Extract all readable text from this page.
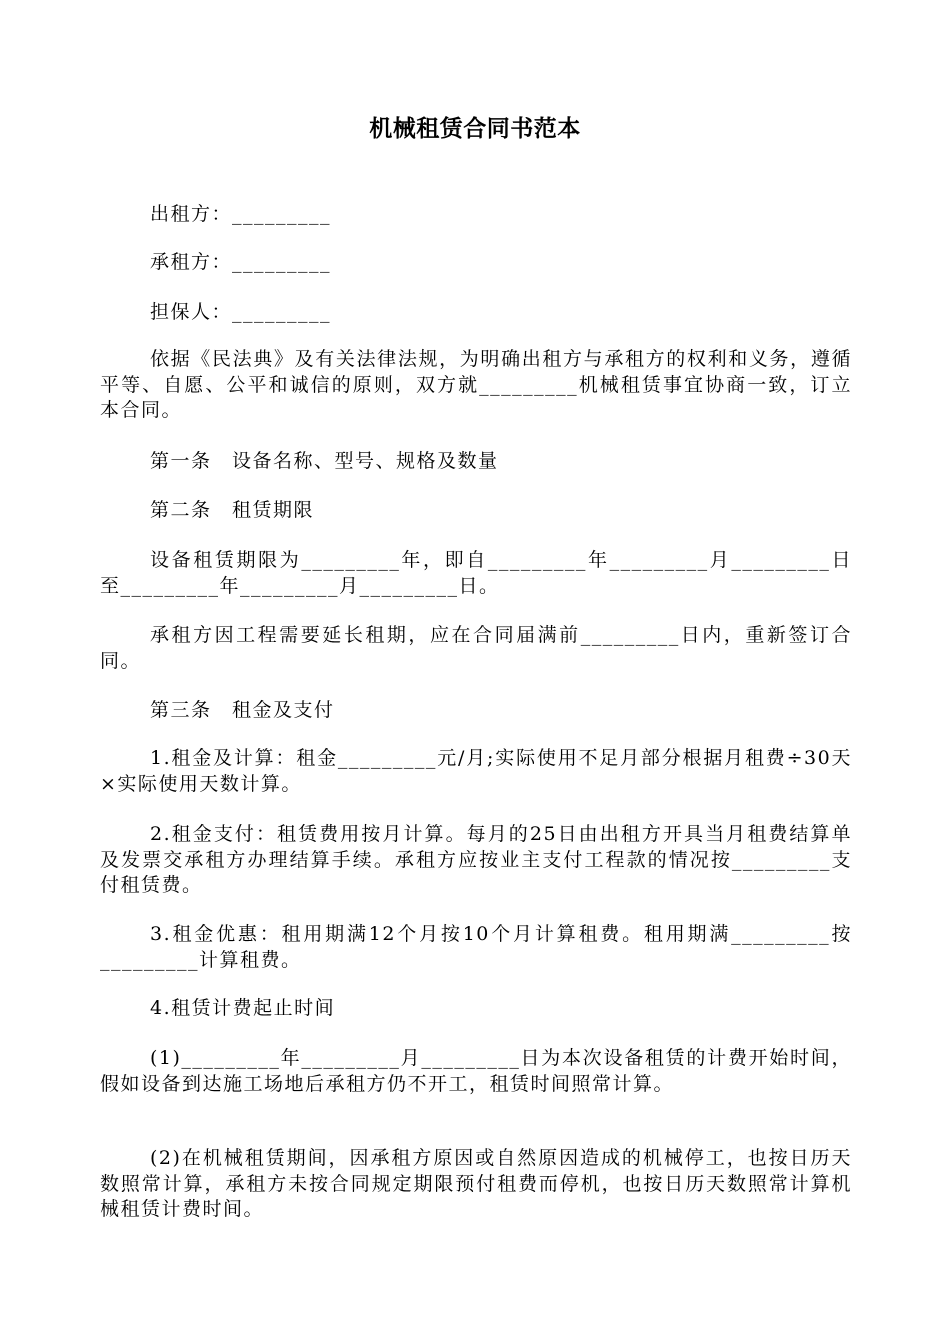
机械租赁合同书范本
出租方：_________
承租方：_________
担保人：_________
依据《民法典》及有关法律法规，为明确出租方与承租方的权利和义务，遵循平等、自愿、公平和诚信的原则，双方就_________机械租赁事宜协商一致，订立本合同。
第一条　设备名称、型号、规格及数量
第二条　租赁期限
设备租赁期限为_________年，即自_________年_________月_________日至_________年_________月_________日。
承租方因工程需要延长租期，应在合同届满前_________日内，重新签订合同。
第三条　租金及支付
1.租金及计算：租金_________元/月;实际使用不足月部分根据月租费÷30天×实际使用天数计算。
2.租金支付：租赁费用按月计算。每月的25日由出租方开具当月租费结算单及发票交承租方办理结算手续。承租方应按业主支付工程款的情况按_________支付租赁费。
3.租金优惠：租用期满12个月按10个月计算租费。租用期满_________按_________计算租费。
4.租赁计费起止时间
(1)_________年_________月_________日为本次设备租赁的计费开始时间，假如设备到达施工场地后承租方仍不开工，租赁时间照常计算。
(2)在机械租赁期间，因承租方原因或自然原因造成的机械停工，也按日历天数照常计算，承租方未按合同规定期限预付租费而停机，也按日历天数照常计算机械租赁计费时间。
